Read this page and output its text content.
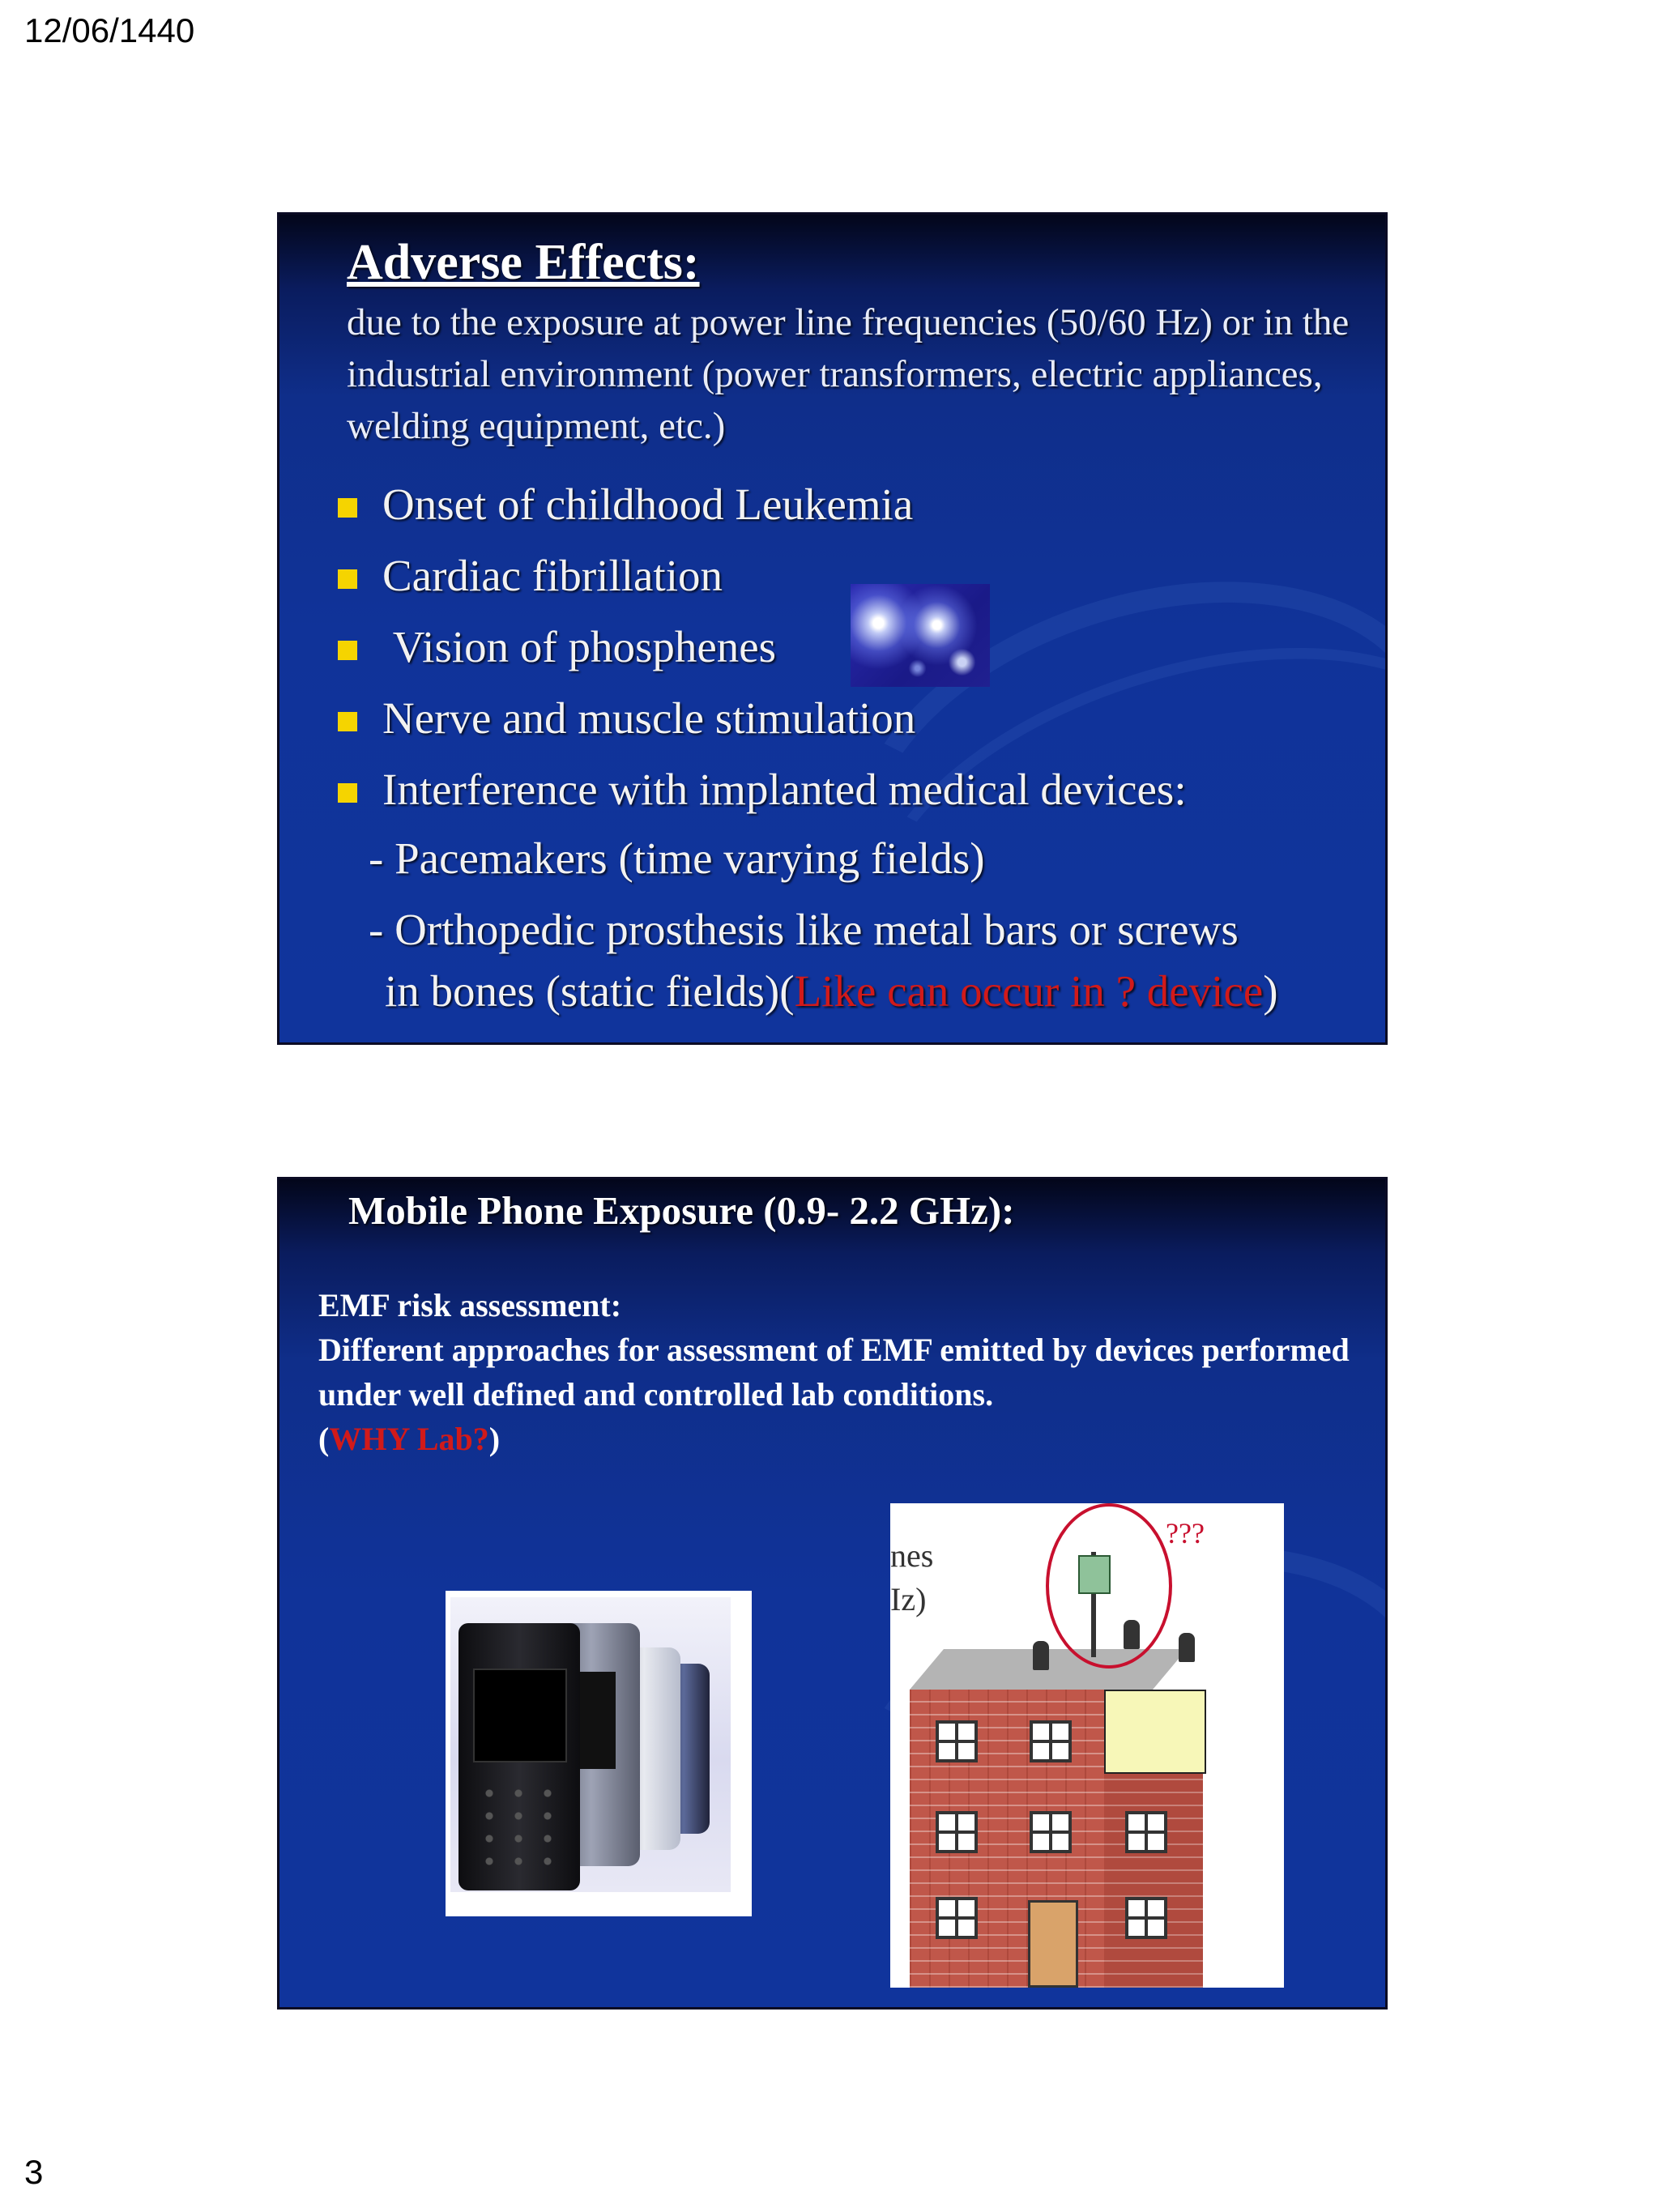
12/06/1440
Adverse Effects:
due to the exposure at power line frequencies (50/60 Hz) or in the industrial environment (power transformers, electric appliances, welding equipment, etc.)
Onset of childhood Leukemia
Cardiac fibrillation
Vision of phosphenes
Nerve and muscle stimulation
Interference with implanted medical devices:
- Pacemakers (time varying fields)
- Orthopedic prosthesis like metal bars or screws
in bones (static fields)(Like can occur in ? device)
Mobile Phone Exposure (0.9- 2.2 GHz):
EMF risk assessment:
Different approaches for assessment of EMF emitted by devices performed under well defined and controlled lab conditions.
(WHY Lab?)
nes
Iz)
???
3
